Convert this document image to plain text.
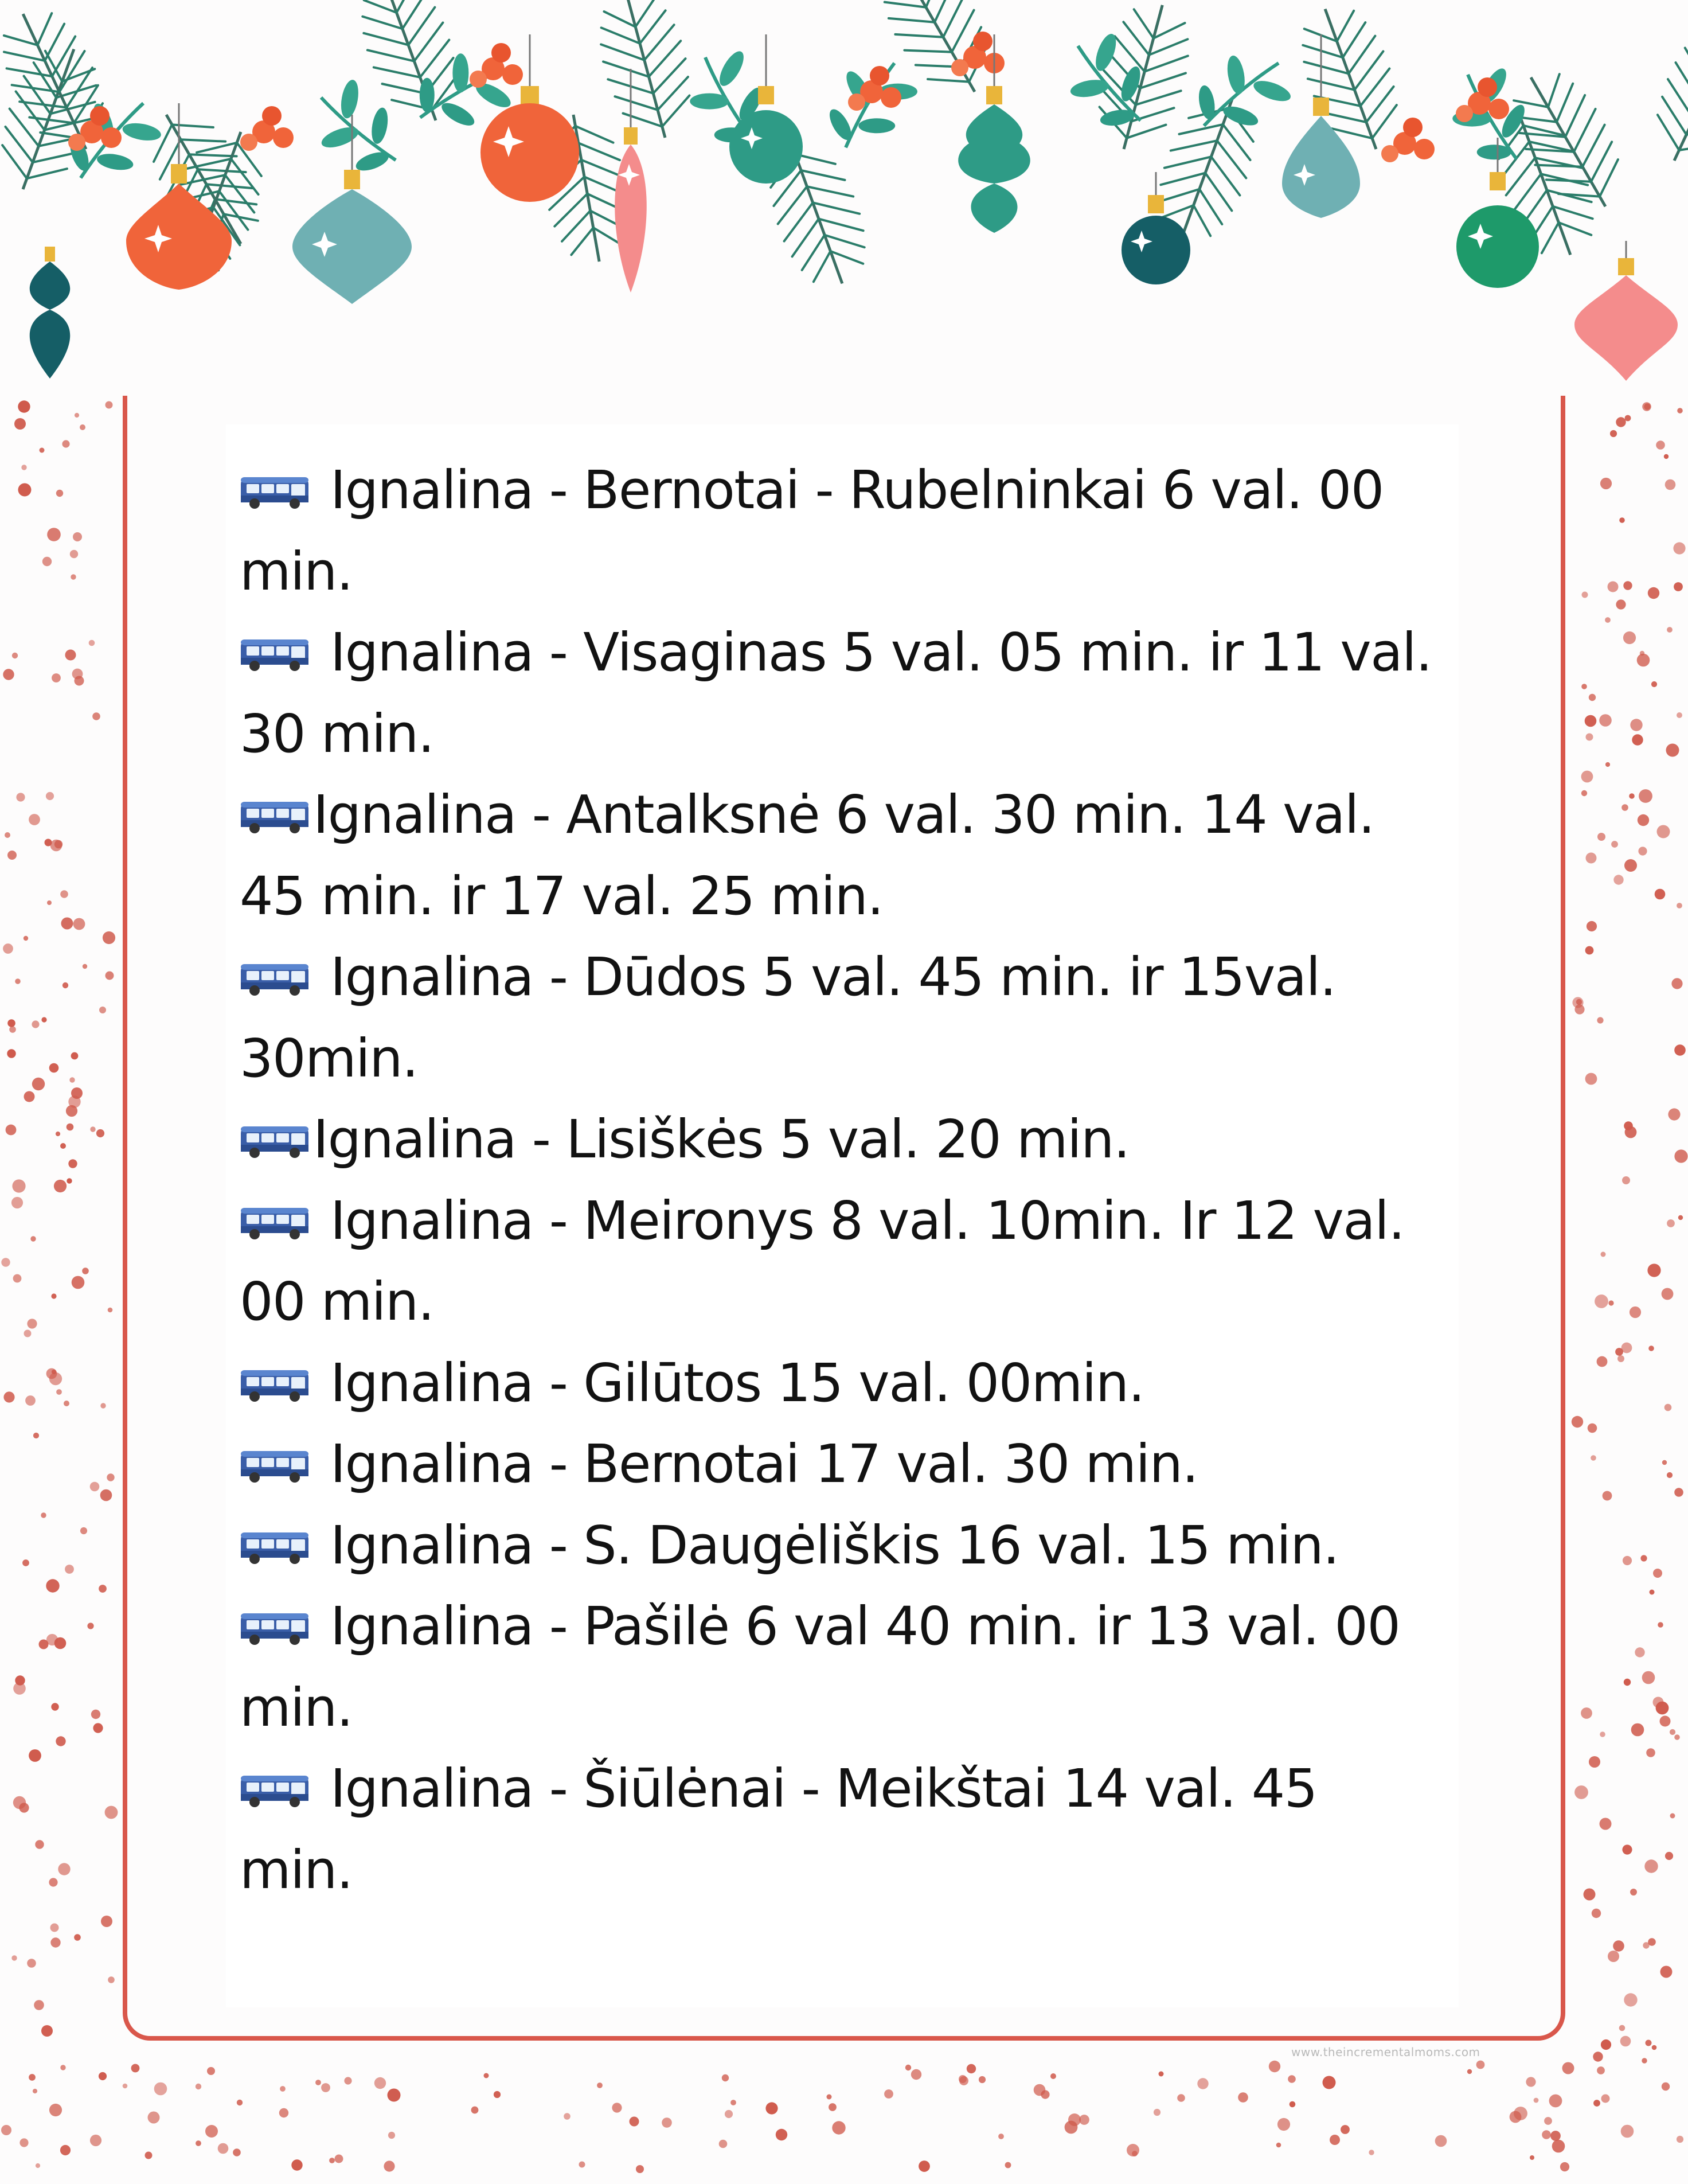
Ignalina - Bernotai - Rubelninkai 6 val. 00 min.
Ignalina - Visaginas 5 val. 05 min. ir 11 val. 30 min.
Ignalina - Antalksnė 6 val. 30 min. 14 val. 45 min. ir 17 val. 25 min.
Ignalina - Dūdos 5 val. 45 min. ir 15val. 30min.
Ignalina - Lisiškės 5 val. 20 min.
Ignalina - Meironys 8 val. 10min. Ir 12 val. 00 min.
Ignalina - Gilūtos 15 val. 00min.
Ignalina - Bernotai 17 val. 30 min.
Ignalina - S. Daugėliškis 16 val. 15 min.
Ignalina - Pašilė 6 val 40 min. ir 13 val. 00 min.
Ignalina - Šiūlėnai - Meikštai 14 val. 45 min.
www.theincrementalmoms.com
